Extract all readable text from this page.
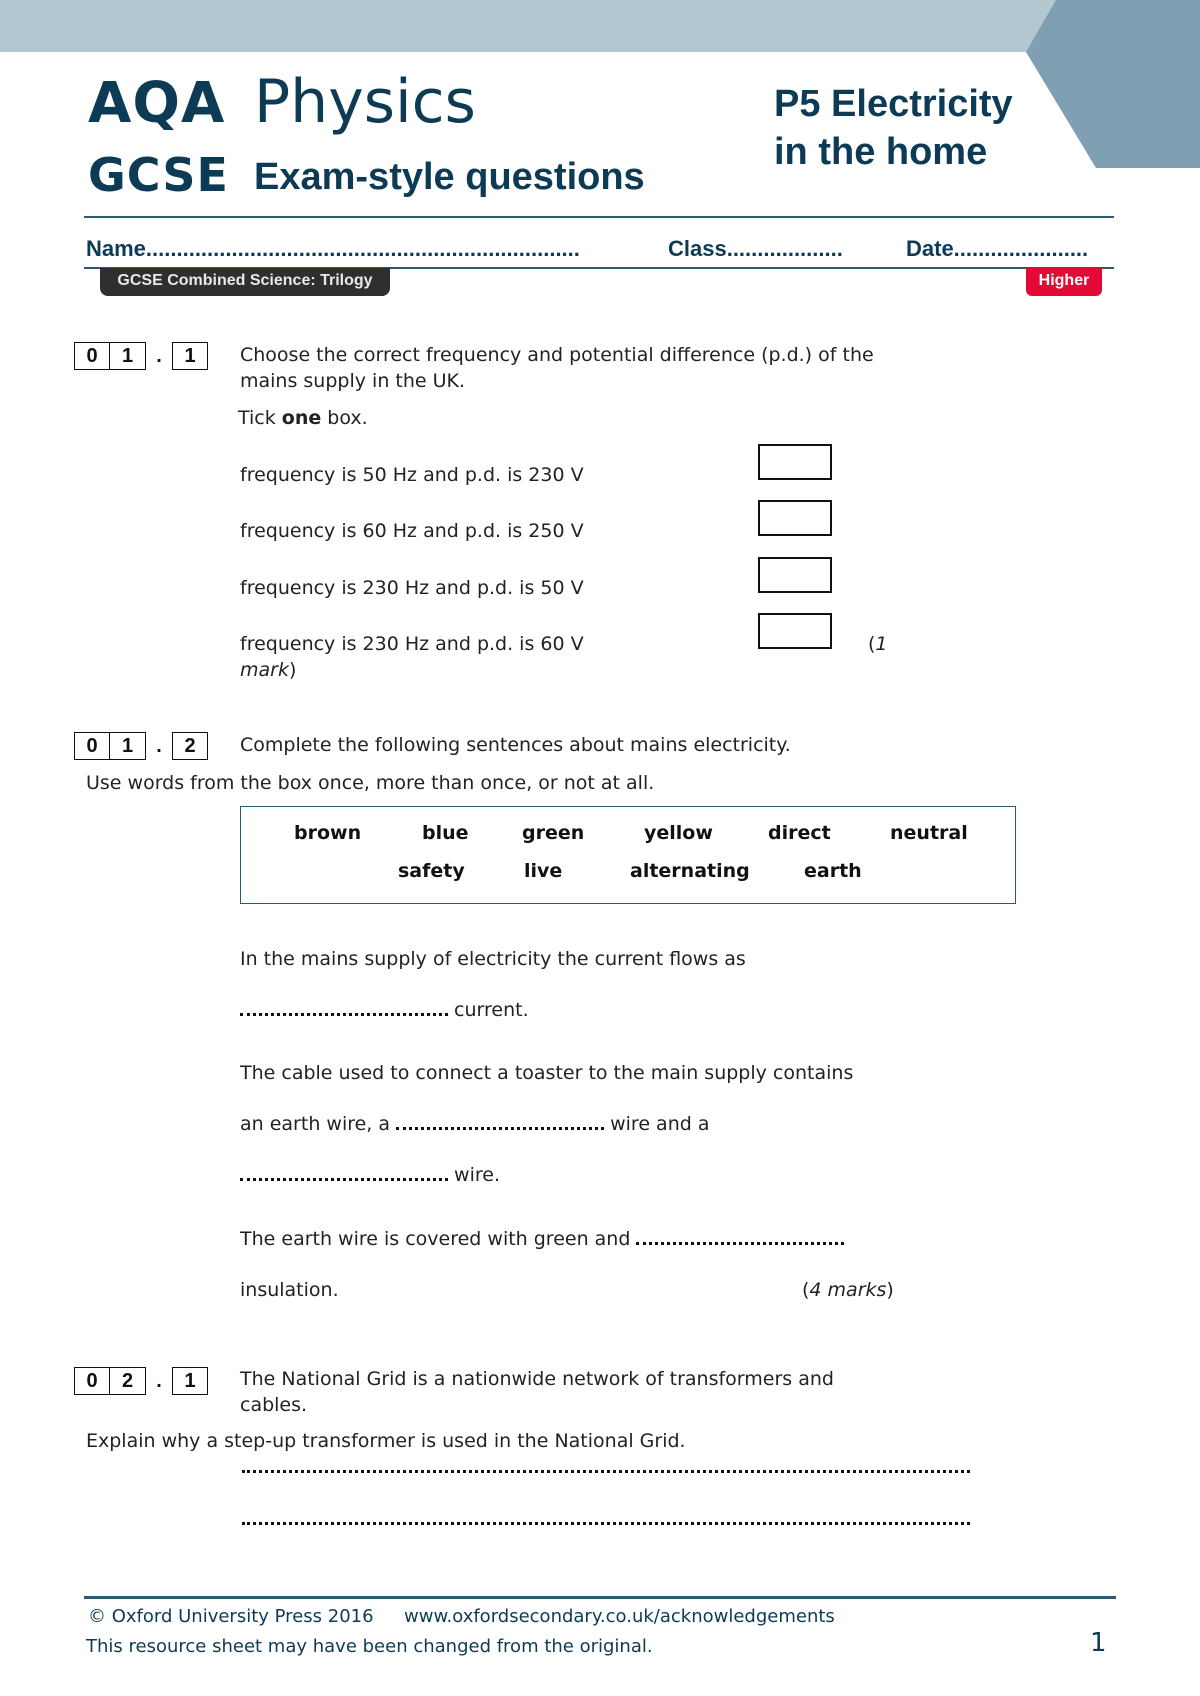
AQA Physics
GCSE Exam-style questions
P5 Electricity
in the home
Name.......................................................................	Class...................	Date......................
GCSE Combined Science: Trilogy	Higher
0	1	.	1	Choose the correct frequency and potential difference (p.d.) of the mains supply in the UK.
Tick one box.
frequency is 50 Hz and p.d. is 230 V
frequency is 60 Hz and p.d. is 250 V
frequency is 230 Hz and p.d. is 50 V
frequency is 230 Hz and p.d. is 60 V	(1
mark)
0	1	.	2	Complete the following sentences about mains electricity.
Use words from the box once, more than once, or not at all.
brown	blue	green	yellow	direct	neutral
safety	live	alternating	earth
In the mains supply of electricity the current flows as
current.
The cable used to connect a toaster to the main supply contains
an earth wire, a	wire and a
wire.
The earth wire is covered with green and
insulation.	(4 marks)
0	2	.	1	The National Grid is a nationwide network of transformers and cables.
Explain why a step-up transformer is used in the National Grid.
© Oxford University Press 2016 www.oxfordsecondary.co.uk/acknowledgements
This resource sheet may have been changed from the original.	1
